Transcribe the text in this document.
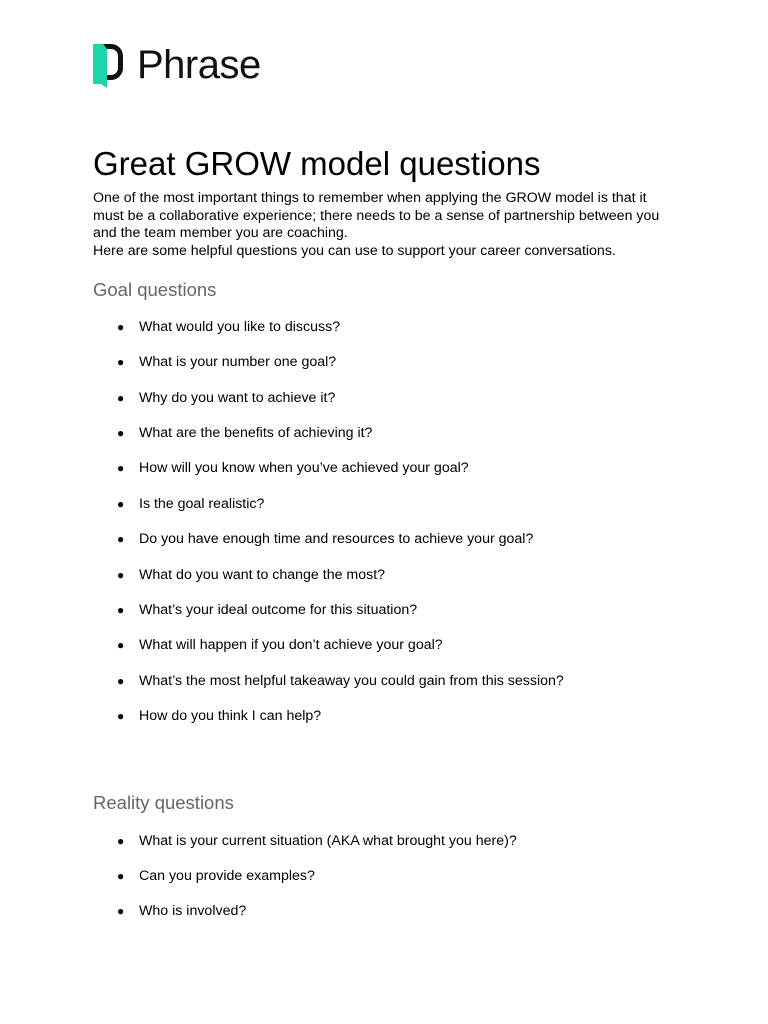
Phrase
Great GROW model questions

One of the most important things to remember when applying the GROW model is that it must be a collaborative experience; there needs to be a sense of partnership between you and the team member you are coaching.

Here are some helpful questions you can use to support your career conversations.

Goal questions
● What would you like to discuss?
● What is your number one goal?
● Why do you want to achieve it?
● What are the benefits of achieving it?
● How will you know when you’ve achieved your goal?
● Is the goal realistic?
● Do you have enough time and resources to achieve your goal?
● What do you want to change the most?
● What’s your ideal outcome for this situation?
● What will happen if you don’t achieve your goal?
● What’s the most helpful takeaway you could gain from this session?
● How do you think I can help?
Reality questions
● What is your current situation (AKA what brought you here)?
● Can you provide examples?
● Who is involved?
